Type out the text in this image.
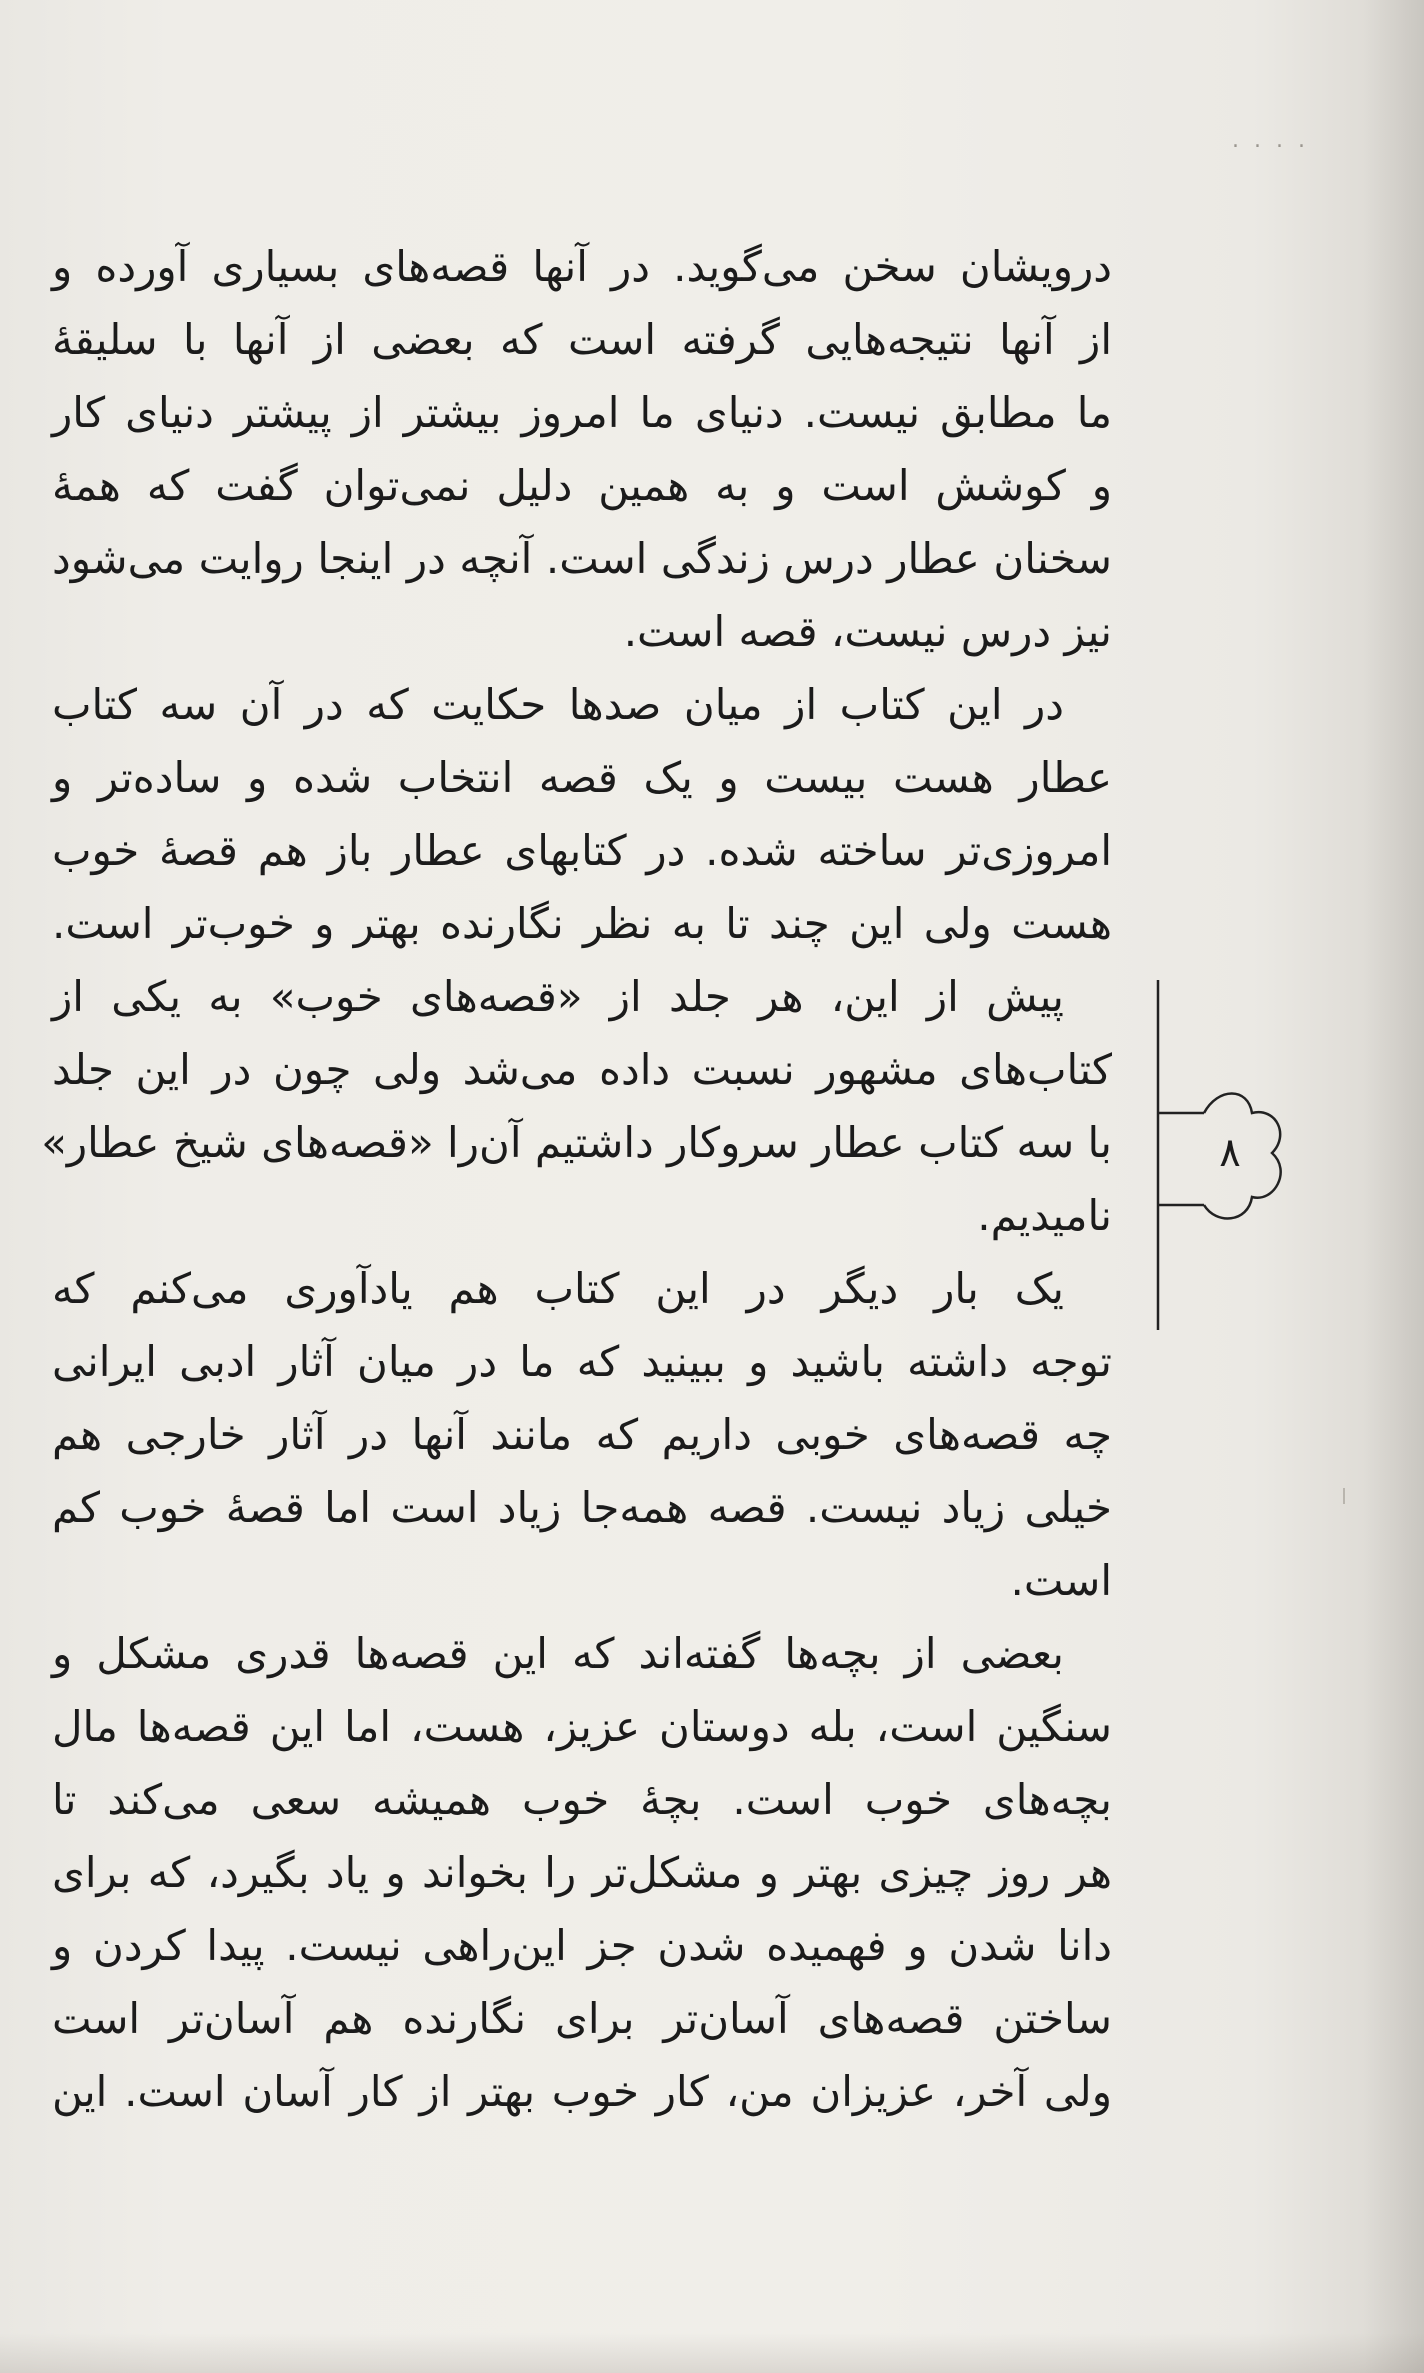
. . . .
درویشان سخن می‌گوید. در آنها قصه‌های بسیاری آورده و
از آنها نتیجه‌هایی گرفته است که بعضی از آنها با سلیقهٔ
ما مطابق نیست. دنیای ما امروز بیشتر از پیشتر دنیای کار
و کوشش است و به همین دلیل نمی‌توان گفت که همهٔ
سخنان عطار درس زندگی است. آنچه در اینجا روایت می‌شود
نیز درس نیست، قصه است.
در این کتاب از میان صدها حکایت که در آن سه کتاب
عطار هست بیست و یک قصه انتخاب شده و ساده‌تر و
امروزی‌تر ساخته شده. در کتابهای عطار باز هم قصهٔ خوب
هست ولی این چند تا به نظر نگارنده بهتر و خوب‌تر است.
پیش از این، هر جلد از «قصه‌های خوب» به یکی از
کتاب‌های مشهور نسبت داده می‌شد ولی چون در این جلد
با سه کتاب عطار سروکار داشتیم آن‌را «قصه‌های شیخ عطار»
نامیدیم.
یک بار دیگر در این کتاب هم یادآوری می‌کنم که
توجه داشته باشید و ببینید که ما در میان آثار ادبی ایرانی
چه قصه‌های خوبی داریم که مانند آنها در آثار خارجی هم
خیلی زیاد نیست. قصه همه‌جا زیاد است اما قصهٔ خوب کم
است.
بعضی از بچه‌ها گفته‌اند که این قصه‌ها قدری مشکل و
سنگین است، بله دوستان عزیز، هست، اما این قصه‌ها مال
بچه‌های خوب است. بچهٔ خوب همیشه سعی می‌کند تا
هر روز چیزی بهتر و مشکل‌تر را بخواند و یاد بگیرد، که برای
دانا شدن و فهمیده شدن جز این‌راهی نیست. پیدا کردن و
ساختن قصه‌های آسان‌تر برای نگارنده هم آسان‌تر است
ولی آخر، عزیزان من، کار خوب بهتر از کار آسان است. این
۸
